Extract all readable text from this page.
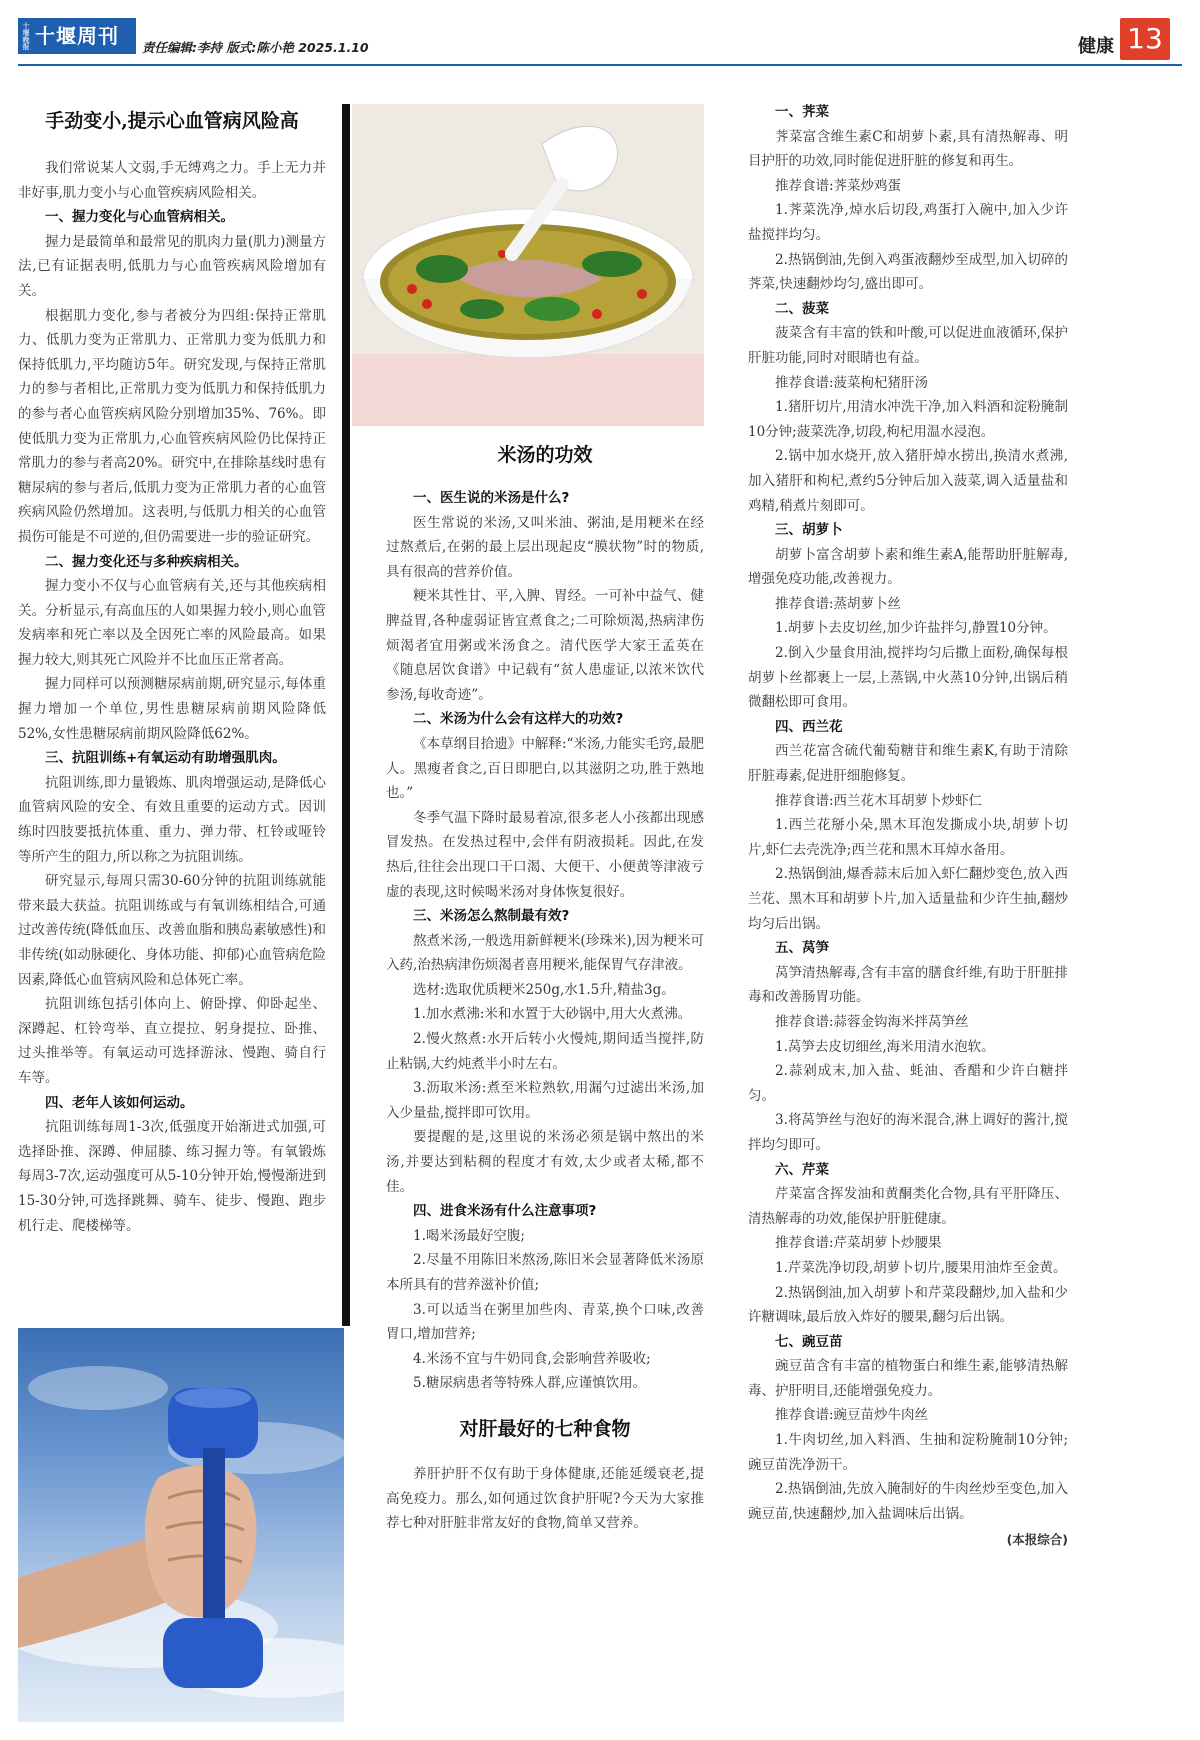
十堰晚报 十堰周刊	责任编辑:李持 版式:陈小艳 2025.1.10	健康 13
手劲变小,提示心血管病风险高

我们常说某人文弱,手无缚鸡之力。手上无力并非好事,肌力变小与心血管疾病风险相关。

一、握力变化与心血管病相关。

握力是最简单和最常见的肌肉力量(肌力)测量方法,已有证据表明,低肌力与心血管疾病风险增加有关。

根据肌力变化,参与者被分为四组:保持正常肌力、低肌力变为正常肌力、正常肌力变为低肌力和保持低肌力,平均随访5年。研究发现,与保持正常肌力的参与者相比,正常肌力变为低肌力和保持低肌力的参与者心血管疾病风险分别增加35%、76%。即使低肌力变为正常肌力,心血管疾病风险仍比保持正常肌力的参与者高20%。研究中,在排除基线时患有糖尿病的参与者后,低肌力变为正常肌力者的心血管疾病风险仍然增加。这表明,与低肌力相关的心血管损伤可能是不可逆的,但仍需要进一步的验证研究。

二、握力变化还与多种疾病相关。

握力变小不仅与心血管病有关,还与其他疾病相关。分析显示,有高血压的人如果握力较小,则心血管发病率和死亡率以及全因死亡率的风险最高。如果握力较大,则其死亡风险并不比血压正常者高。

握力同样可以预测糖尿病前期,研究显示,每体重握力增加一个单位,男性患糖尿病前期风险降低52%,女性患糖尿病前期风险降低62%。

三、抗阻训练+有氧运动有助增强肌肉。

抗阻训练,即力量锻炼、肌肉增强运动,是降低心血管病风险的安全、有效且重要的运动方式。因训练时四肢要抵抗体重、重力、弹力带、杠铃或哑铃等所产生的阻力,所以称之为抗阻训练。

研究显示,每周只需30-60分钟的抗阻训练就能带来最大获益。抗阻训练或与有氧训练相结合,可通过改善传统(降低血压、改善血脂和胰岛素敏感性)和非传统(如动脉硬化、身体功能、抑郁)心血管病危险因素,降低心血管病风险和总体死亡率。

抗阻训练包括引体向上、俯卧撑、仰卧起坐、深蹲起、杠铃弯举、直立提拉、躬身提拉、卧推、过头推举等。有氧运动可选择游泳、慢跑、骑自行车等。

四、老年人该如何运动。

抗阻训练每周1-3次,低强度开始渐进式加强,可选择卧推、深蹲、伸屈膝、练习握力等。有氧锻炼每周3-7次,运动强度可从5-10分钟开始,慢慢渐进到15-30分钟,可选择跳舞、骑车、徒步、慢跑、跑步机行走、爬楼梯等。

米汤的功效
一、医生说的米汤是什么?

医生常说的米汤,又叫米油、粥油,是用粳米在经过熬煮后,在粥的最上层出现起皮“膜状物”时的物质,具有很高的营养价值。

粳米其性甘、平,入脾、胃经。一可补中益气、健脾益胃,各种虚弱证皆宜煮食之;二可除烦渴,热病津伤烦渴者宜用粥或米汤食之。清代医学大家王孟英在《随息居饮食谱》中记载有“贫人患虚证,以浓米饮代参汤,每收奇迹”。

二、米汤为什么会有这样大的功效?

《本草纲目拾遗》中解释:“米汤,力能实毛窍,最肥人。黑瘦者食之,百日即肥白,以其滋阴之功,胜于熟地也。”

冬季气温下降时最易着凉,很多老人小孩都出现感冒发热。在发热过程中,会伴有阴液损耗。因此,在发热后,往往会出现口干口渴、大便干、小便黄等津液亏虚的表现,这时候喝米汤对身体恢复很好。

三、米汤怎么熬制最有效?

熬煮米汤,一般选用新鲜粳米(珍珠米),因为粳米可入药,治热病津伤烦渴者喜用粳米,能保胃气存津液。

选材:选取优质粳米250g,水1.5升,精盐3g。

1.加水煮沸:米和水置于大砂锅中,用大火煮沸。

2.慢火熬煮:水开后转小火慢炖,期间适当搅拌,防止粘锅,大约炖煮半小时左右。

3.沥取米汤:煮至米粒熟软,用漏勺过滤出米汤,加入少量盐,搅拌即可饮用。

要提醒的是,这里说的米汤必须是锅中熬出的米汤,并要达到粘稠的程度才有效,太少或者太稀,都不佳。

四、进食米汤有什么注意事项?

1.喝米汤最好空腹;

2.尽量不用陈旧米熬汤,陈旧米会显著降低米汤原本所具有的营养滋补价值;

3.可以适当在粥里加些肉、青菜,换个口味,改善胃口,增加营养;

4.米汤不宜与牛奶同食,会影响营养吸收;

5.糖尿病患者等特殊人群,应谨慎饮用。

对肝最好的七种食物

养肝护肝不仅有助于身体健康,还能延缓衰老,提高免疫力。那么,如何通过饮食护肝呢?今天为大家推荐七种对肝脏非常友好的食物,简单又营养。

一、荠菜

荠菜富含维生素C和胡萝卜素,具有清热解毒、明目护肝的功效,同时能促进肝脏的修复和再生。

推荐食谱:荠菜炒鸡蛋

1.荠菜洗净,焯水后切段,鸡蛋打入碗中,加入少许盐搅拌均匀。

2.热锅倒油,先倒入鸡蛋液翻炒至成型,加入切碎的荠菜,快速翻炒均匀,盛出即可。

二、菠菜

菠菜含有丰富的铁和叶酸,可以促进血液循环,保护肝脏功能,同时对眼睛也有益。

推荐食谱:菠菜枸杞猪肝汤

1.猪肝切片,用清水冲洗干净,加入料酒和淀粉腌制10分钟;菠菜洗净,切段,枸杞用温水浸泡。

2.锅中加水烧开,放入猪肝焯水捞出,换清水煮沸,加入猪肝和枸杞,煮约5分钟后加入菠菜,调入适量盐和鸡精,稍煮片刻即可。

三、胡萝卜

胡萝卜富含胡萝卜素和维生素A,能帮助肝脏解毒,增强免疫功能,改善视力。

推荐食谱:蒸胡萝卜丝

1.胡萝卜去皮切丝,加少许盐拌匀,静置10分钟。

2.倒入少量食用油,搅拌均匀后撒上面粉,确保每根胡萝卜丝都裹上一层,上蒸锅,中火蒸10分钟,出锅后稍微翻松即可食用。

四、西兰花

西兰花富含硫代葡萄糖苷和维生素K,有助于清除肝脏毒素,促进肝细胞修复。

推荐食谱:西兰花木耳胡萝卜炒虾仁

1.西兰花掰小朵,黑木耳泡发撕成小块,胡萝卜切片,虾仁去壳洗净;西兰花和黑木耳焯水备用。

2.热锅倒油,爆香蒜末后加入虾仁翻炒变色,放入西兰花、黑木耳和胡萝卜片,加入适量盐和少许生抽,翻炒均匀后出锅。

五、莴笋

莴笋清热解毒,含有丰富的膳食纤维,有助于肝脏排毒和改善肠胃功能。

推荐食谱:蒜蓉金钩海米拌莴笋丝

1.莴笋去皮切细丝,海米用清水泡软。

2.蒜剁成末,加入盐、蚝油、香醋和少许白糖拌匀。

3.将莴笋丝与泡好的海米混合,淋上调好的酱汁,搅拌均匀即可。

六、芹菜

芹菜富含挥发油和黄酮类化合物,具有平肝降压、清热解毒的功效,能保护肝脏健康。

推荐食谱:芹菜胡萝卜炒腰果

1.芹菜洗净切段,胡萝卜切片,腰果用油炸至金黄。

2.热锅倒油,加入胡萝卜和芹菜段翻炒,加入盐和少许糖调味,最后放入炸好的腰果,翻匀后出锅。

七、豌豆苗

豌豆苗含有丰富的植物蛋白和维生素,能够清热解毒、护肝明目,还能增强免疫力。

推荐食谱:豌豆苗炒牛肉丝

1.牛肉切丝,加入料酒、生抽和淀粉腌制10分钟;豌豆苗洗净沥干。

2.热锅倒油,先放入腌制好的牛肉丝炒至变色,加入豌豆苗,快速翻炒,加入盐调味后出锅。

(本报综合)
